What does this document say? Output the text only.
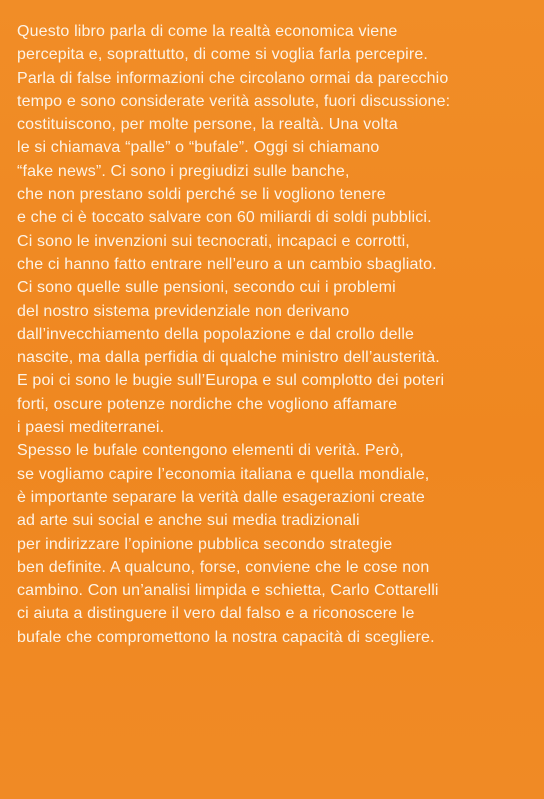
Questo libro parla di come la realtà economica viene
percepita e, soprattutto, di come si voglia farla percepire.
Parla di false informazioni che circolano ormai da parecchio
tempo e sono considerate verità assolute, fuori discussione:
costituiscono, per molte persone, la realtà. Una volta
le si chiamava “palle” o “bufale”. Oggi si chiamano
“fake news”. Ci sono i pregiudizi sulle banche,
che non prestano soldi perché se li vogliono tenere
e che ci è toccato salvare con 60 miliardi di soldi pubblici.
Ci sono le invenzioni sui tecnocrati, incapaci e corrotti,
che ci hanno fatto entrare nell’euro a un cambio sbagliato.
Ci sono quelle sulle pensioni, secondo cui i problemi
del nostro sistema previdenziale non derivano
dall’invecchiamento della popolazione e dal crollo delle
nascite, ma dalla perfidia di qualche ministro dell’austerità.
E poi ci sono le bugie sull’Europa e sul complotto dei poteri
forti, oscure potenze nordiche che vogliono affamare
i paesi mediterranei.
Spesso le bufale contengono elementi di verità. Però,
se vogliamo capire l’economia italiana e quella mondiale,
è importante separare la verità dalle esagerazioni create
ad arte sui social e anche sui media tradizionali
per indirizzare l’opinione pubblica secondo strategie
ben definite. A qualcuno, forse, conviene che le cose non
cambino. Con un’analisi limpida e schietta, Carlo Cottarelli
ci aiuta a distinguere il vero dal falso e a riconoscere le
bufale che compromettono la nostra capacità di scegliere.
